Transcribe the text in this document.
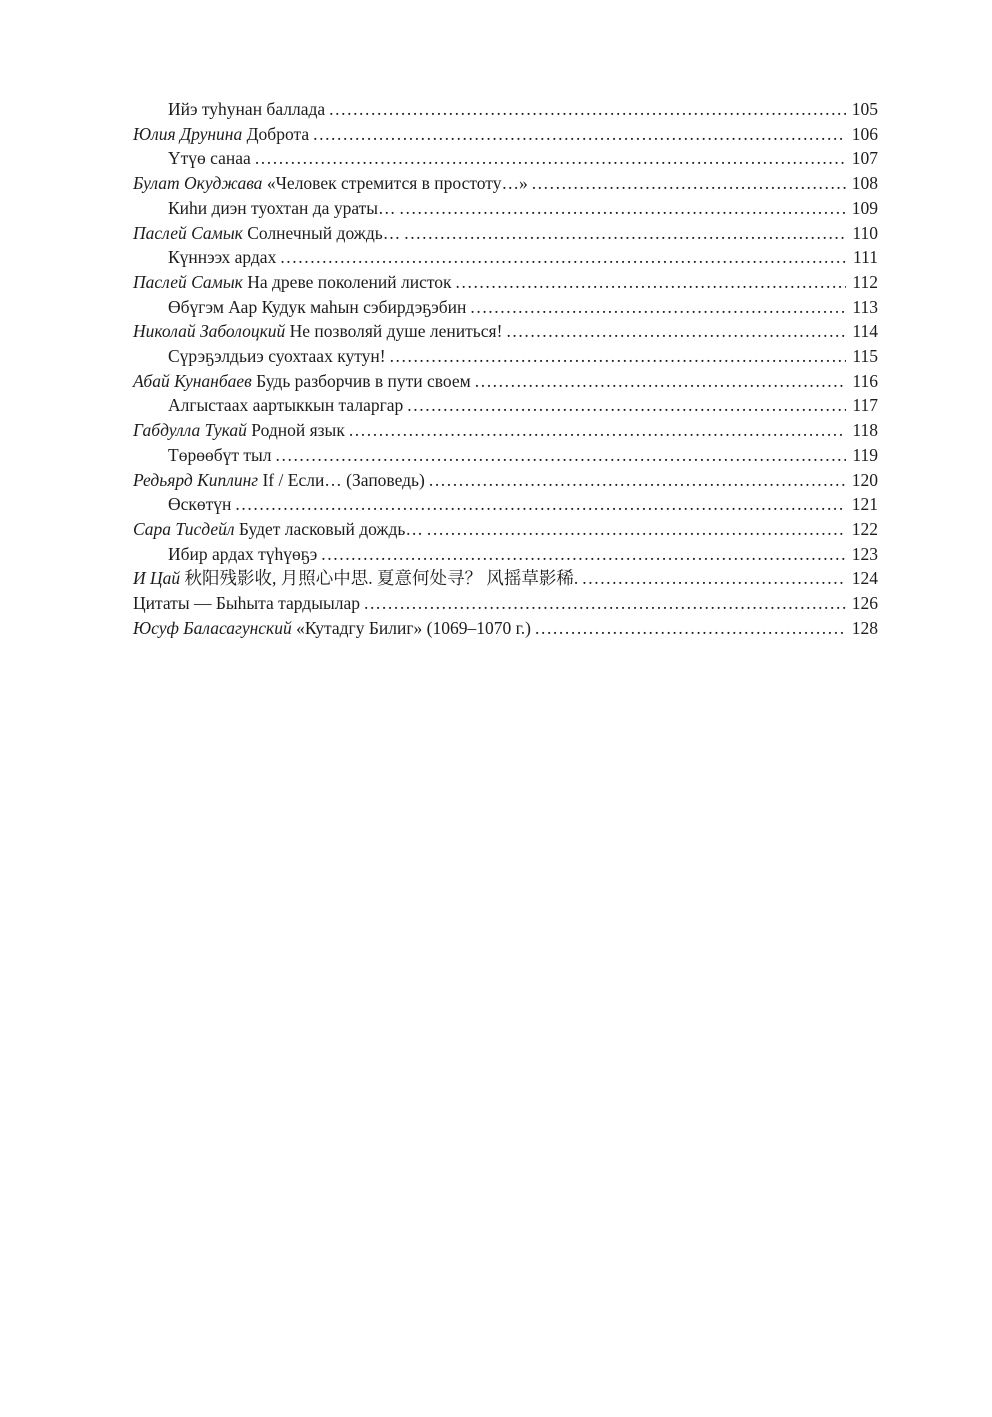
Ийэ туһунан баллада .....	105
Юлия Друнина Доброта .....	106
Үтүө санаа .....	107
Булат Окуджава «Человек стремится в простоту…» .....	108
Киһи диэн туохтан да ураты… .....	109
Паслей Самык Солнечный дождь… .....	110
Күннээх ардах .....	111
Паслей Самык На древе поколений листок .....	112
Өбүгэм Аар Кудук маһын сэбирдэҕэбин .....	113
Николай Заболоцкий Не позволяй душе лениться! .....	114
Сүрэҕэлдьиэ суохтаах кутун! .....	115
Абай Кунанбаев Будь разборчив в пути своем .....	116
Алгыстаах аартыккын таларгар .....	117
Габдулла Тукай Родной язык .....	118
Төрөөбүт тыл .....	119
Редьярд Киплинг If / Если… (Заповедь) .....	120
Өскөтүн .....	121
Сара Тисдейл Будет ласковый дождь… .....	122
Ибир ардах түһүөҕэ .....	123
И Цай 秋阳残影收, 月照心中思. 夏意何处寻？ 风摇草影稀. .....	124
Цитаты — Быһыта тардыылар .....	126
Юсуф Баласагунский «Кутадгу Билиг» (1069–1070 г.) .....	128
